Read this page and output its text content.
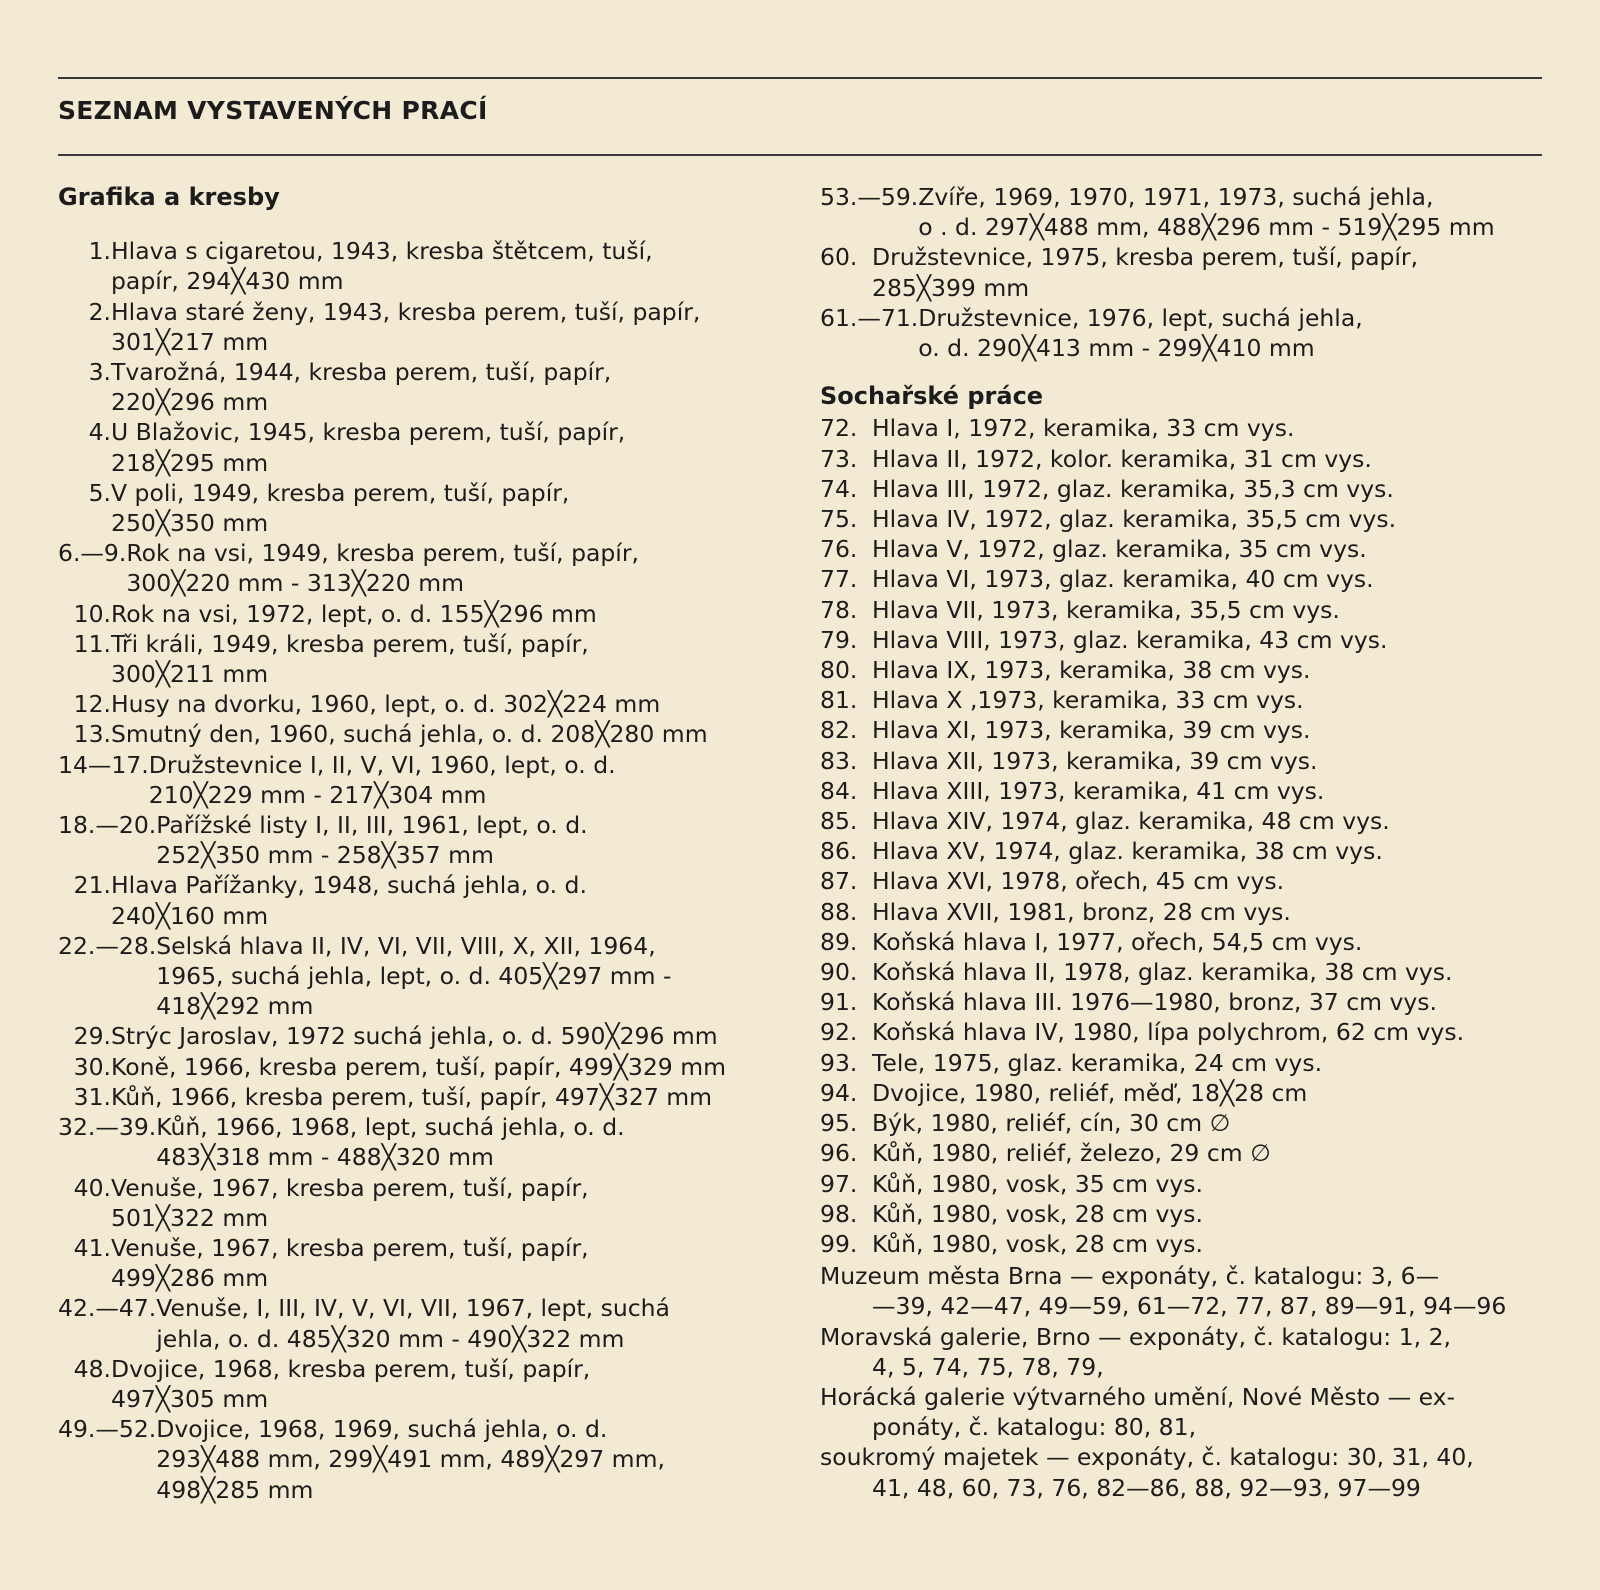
SEZNAM VYSTAVENÝCH PRACÍ
Grafika a kresby
1. Hlava s cigaretou, 1943, kresba štětcem, tuší,
papír, 294╳430 mm
2. Hlava staré ženy, 1943, kresba perem, tuší, papír,
301╳217 mm
3. Tvarožná, 1944, kresba perem, tuší, papír,
220╳296 mm
4. U Blažovic, 1945, kresba perem, tuší, papír,
218╳295 mm
5. V poli, 1949, kresba perem, tuší, papír,
250╳350 mm
6.—9. Rok na vsi, 1949, kresba perem, tuší, papír,
300╳220 mm - 313╳220 mm
10. Rok na vsi, 1972, lept, o. d. 155╳296 mm
11. Tři králi, 1949, kresba perem, tuší, papír,
300╳211 mm
12. Husy na dvorku, 1960, lept, o. d. 302╳224 mm
13. Smutný den, 1960, suchá jehla, o. d. 208╳280 mm
14—17. Družstevnice I, II, V, VI, 1960, lept, o. d.
210╳229 mm - 217╳304 mm
18.—20. Pařížské listy I, II, III, 1961, lept, o. d.
252╳350 mm - 258╳357 mm
21. Hlava Pařížanky, 1948, suchá jehla, o. d.
240╳160 mm
22.—28. Selská hlava II, IV, VI, VII, VIII, X, XII, 1964,
1965, suchá jehla, lept, o. d. 405╳297 mm -
418╳292 mm
29. Strýc Jaroslav, 1972 suchá jehla, o. d. 590╳296 mm
30. Koně, 1966, kresba perem, tuší, papír, 499╳329 mm
31. Kůň, 1966, kresba perem, tuší, papír, 497╳327 mm
32.—39. Kůň, 1966, 1968, lept, suchá jehla, o. d.
483╳318 mm - 488╳320 mm
40. Venuše, 1967, kresba perem, tuší, papír,
501╳322 mm
41. Venuše, 1967, kresba perem, tuší, papír,
499╳286 mm
42.—47. Venuše, I, III, IV, V, VI, VII, 1967, lept, suchá
jehla, o. d. 485╳320 mm - 490╳322 mm
48. Dvojice, 1968, kresba perem, tuší, papír,
497╳305 mm
49.—52. Dvojice, 1968, 1969, suchá jehla, o. d.
293╳488 mm, 299╳491 mm, 489╳297 mm,
498╳285 mm
53.—59. Zvíře, 1969, 1970, 1971, 1973, suchá jehla,
o . d. 297╳488 mm, 488╳296 mm - 519╳295 mm
60. Družstevnice, 1975, kresba perem, tuší, papír,
285╳399 mm
61.—71. Družstevnice, 1976, lept, suchá jehla,
o. d. 290╳413 mm - 299╳410 mm
Sochařské práce
72. Hlava I, 1972, keramika, 33 cm vys.
73. Hlava II, 1972, kolor. keramika, 31 cm vys.
74. Hlava III, 1972, glaz. keramika, 35,3 cm vys.
75. Hlava IV, 1972, glaz. keramika, 35,5 cm vys.
76. Hlava V, 1972, glaz. keramika, 35 cm vys.
77. Hlava VI, 1973, glaz. keramika, 40 cm vys.
78. Hlava VII, 1973, keramika, 35,5 cm vys.
79. Hlava VIII, 1973, glaz. keramika, 43 cm vys.
80. Hlava IX, 1973, keramika, 38 cm vys.
81. Hlava X ,1973, keramika, 33 cm vys.
82. Hlava XI, 1973, keramika, 39 cm vys.
83. Hlava XII, 1973, keramika, 39 cm vys.
84. Hlava XIII, 1973, keramika, 41 cm vys.
85. Hlava XIV, 1974, glaz. keramika, 48 cm vys.
86. Hlava XV, 1974, glaz. keramika, 38 cm vys.
87. Hlava XVI, 1978, ořech, 45 cm vys.
88. Hlava XVII, 1981, bronz, 28 cm vys.
89. Koňská hlava I, 1977, ořech, 54,5 cm vys.
90. Koňská hlava II, 1978, glaz. keramika, 38 cm vys.
91. Koňská hlava III. 1976—1980, bronz, 37 cm vys.
92. Koňská hlava IV, 1980, lípa polychrom, 62 cm vys.
93. Tele, 1975, glaz. keramika, 24 cm vys.
94. Dvojice, 1980, reliéf, měď, 18╳28 cm
95. Býk, 1980, reliéf, cín, 30 cm ∅
96. Kůň, 1980, reliéf, železo, 29 cm ∅
97. Kůň, 1980, vosk, 35 cm vys.
98. Kůň, 1980, vosk, 28 cm vys.
99. Kůň, 1980, vosk, 28 cm vys.
Muzeum města Brna — exponáty, č. katalogu: 3, 6—
—39, 42—47, 49—59, 61—72, 77, 87, 89—91, 94—96
Moravská galerie, Brno — exponáty, č. katalogu: 1, 2,
4, 5, 74, 75, 78, 79,
Horácká galerie výtvarného umění, Nové Město — ex-
ponáty, č. katalogu: 80, 81,
soukromý majetek — exponáty, č. katalogu: 30, 31, 40,
41, 48, 60, 73, 76, 82—86, 88, 92—93, 97—99
